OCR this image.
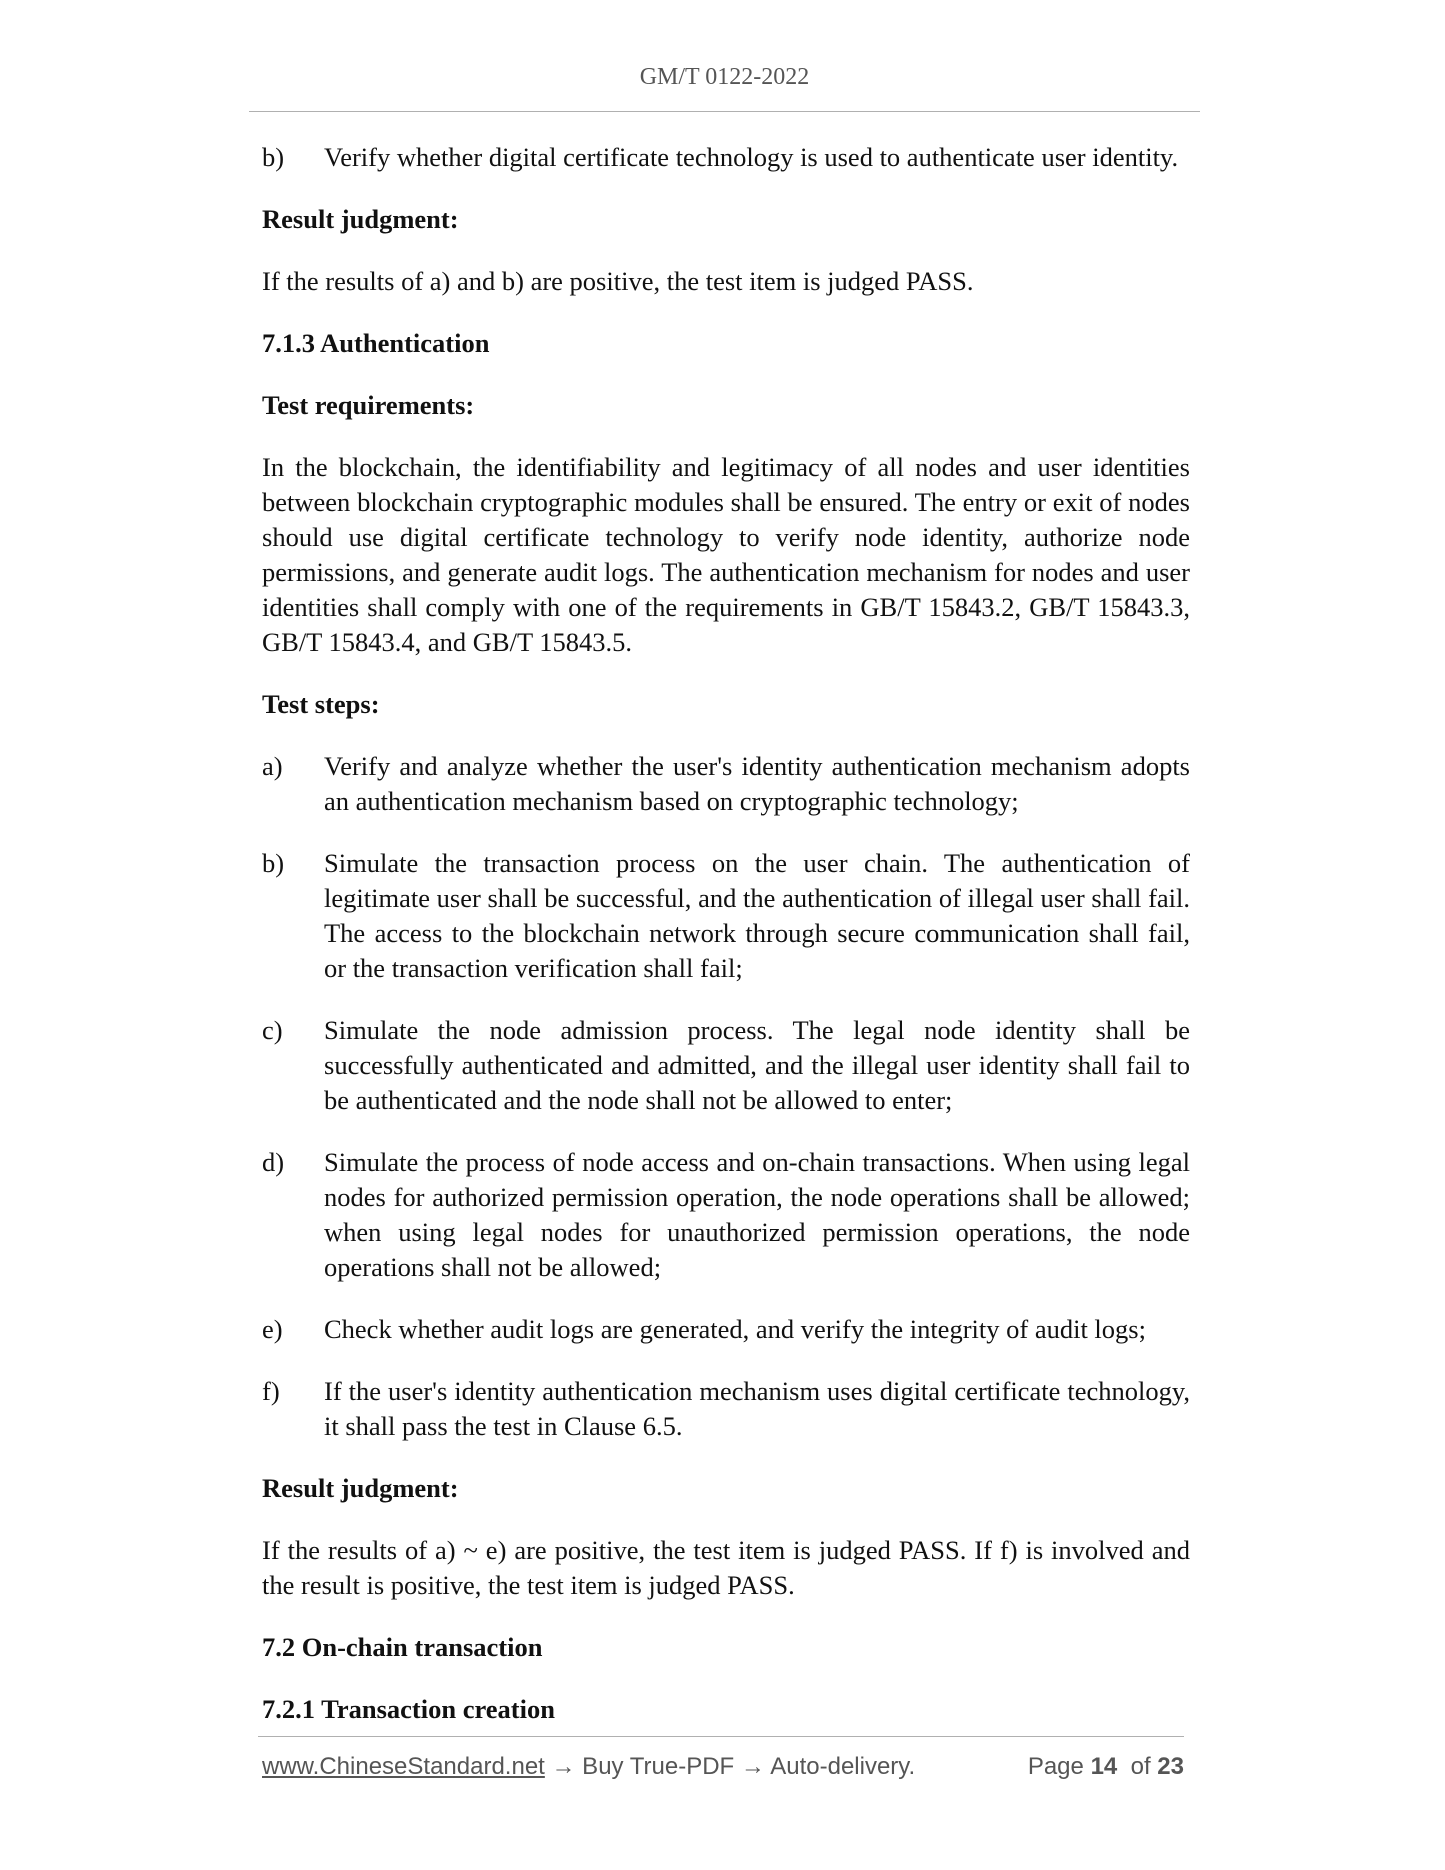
GM/T 0122-2022
b)	Verify whether digital certificate technology is used to authenticate user identity.
Result judgment:

If the results of a) and b) are positive, the test item is judged PASS.

7.1.3 Authentication
Test requirements:

In the blockchain, the identifiability and legitimacy of all nodes and user identities between blockchain cryptographic modules shall be ensured. The entry or exit of nodes should use digital certificate technology to verify node identity, authorize node permissions, and generate audit logs. The authentication mechanism for nodes and user identities shall comply with one of the requirements in GB/T 15843.2, GB/T 15843.3, GB/T 15843.4, and GB/T 15843.5.

Test steps:
a)	Verify and analyze whether the user's identity authentication mechanism adopts an authentication mechanism based on cryptographic technology;
b)	Simulate the transaction process on the user chain. The authentication of legitimate user shall be successful, and the authentication of illegal user shall fail. The access to the blockchain network through secure communication shall fail, or the transaction verification shall fail;
c)	Simulate the node admission process. The legal node identity shall be successfully authenticated and admitted, and the illegal user identity shall fail to be authenticated and the node shall not be allowed to enter;
d)	Simulate the process of node access and on-chain transactions. When using legal nodes for authorized permission operation, the node operations shall be allowed; when using legal nodes for unauthorized permission operations, the node operations shall not be allowed;
e)	Check whether audit logs are generated, and verify the integrity of audit logs;
f)	If the user's identity authentication mechanism uses digital certificate technology, it shall pass the test in Clause 6.5.
Result judgment:

If the results of a) ~ e) are positive, the test item is judged PASS. If f) is involved and the result is positive, the test item is judged PASS.

7.2 On-chain transaction
7.2.1 Transaction creation
www.ChineseStandard.net → Buy True-PDF → Auto-delivery.	Page 14 of 23
